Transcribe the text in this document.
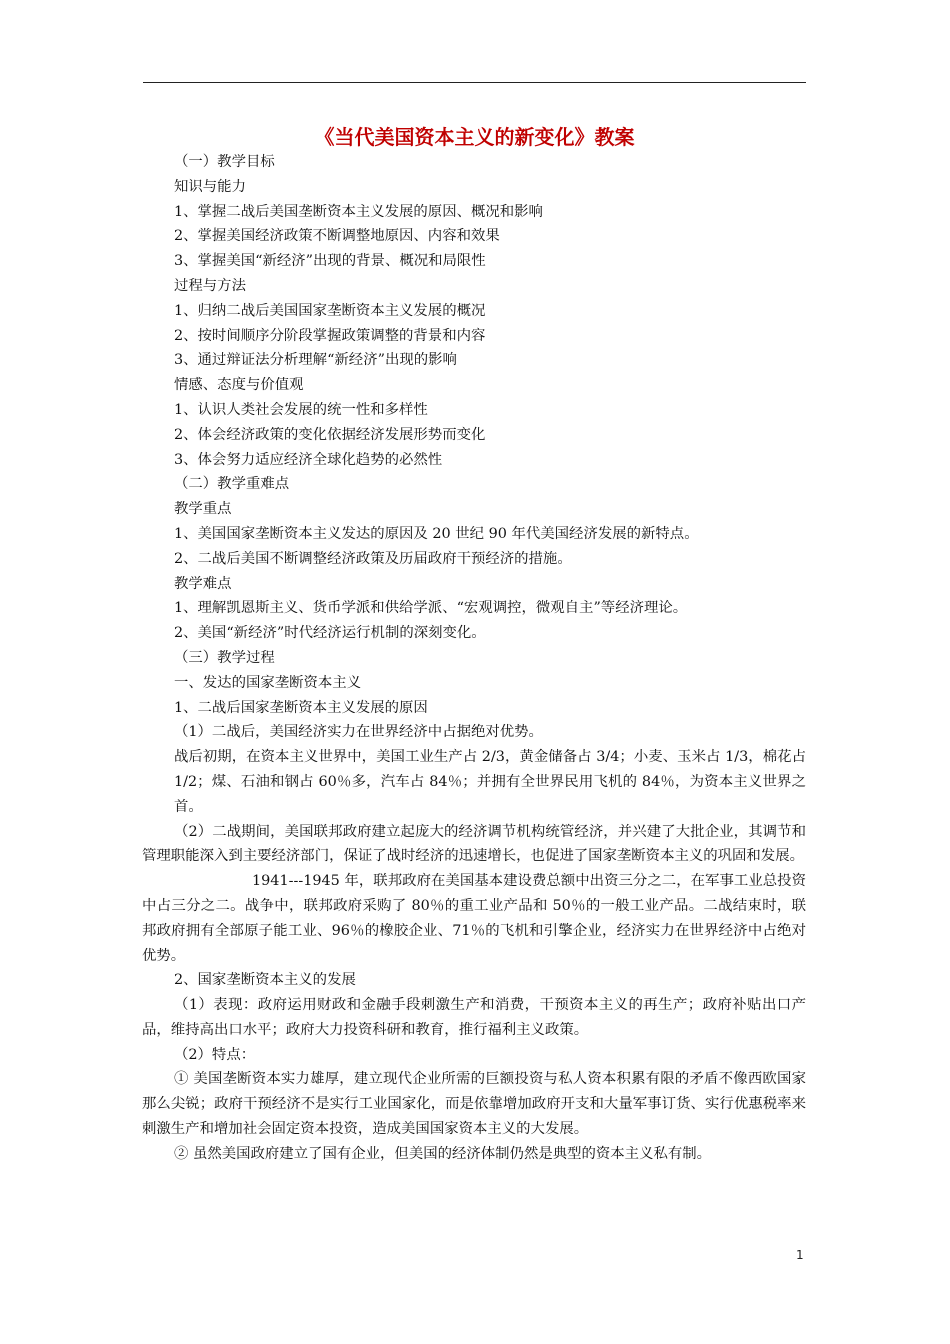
《当代美国资本主义的新变化》教案

（一）教学目标

知识与能力

1、掌握二战后美国垄断资本主义发展的原因、概况和影响

2、掌握美国经济政策不断调整地原因、内容和效果

3、掌握美国“新经济”出现的背景、概况和局限性

过程与方法

1、归纳二战后美国国家垄断资本主义发展的概况

2、按时间顺序分阶段掌握政策调整的背景和内容

3、通过辩证法分析理解“新经济”出现的影响

情感、态度与价值观

1、认识人类社会发展的统一性和多样性

2、体会经济政策的变化依据经济发展形势而变化

3、体会努力适应经济全球化趋势的必然性

（二）教学重难点

教学重点

1、美国国家垄断资本主义发达的原因及 20 世纪 90 年代美国经济发展的新特点。

2、二战后美国不断调整经济政策及历届政府干预经济的措施。

教学难点

1、理解凯恩斯主义、货币学派和供给学派、“宏观调控，微观自主”等经济理论。

2、美国“新经济”时代经济运行机制的深刻变化。

（三）教学过程

一、发达的国家垄断资本主义

1、二战后国家垄断资本主义发展的原因

（1）二战后，美国经济实力在世界经济中占据绝对优势。

战后初期，在资本主义世界中，美国工业生产占 2/3，黄金储备占 3/4；小麦、玉米占 1/3，棉花占 1/2；煤、石油和钢占 60％多，汽车占 84％；并拥有全世界民用飞机的 84％，为资本主义世界之首。

（2）二战期间，美国联邦政府建立起庞大的经济调节机构统管经济，并兴建了大批企业，其调节和管理职能深入到主要经济部门，保证了战时经济的迅速增长，也促进了国家垄断资本主义的巩固和发展。

1941---1945 年，联邦政府在美国基本建设费总额中出资三分之二，在军事工业总投资中占三分之二。战争中，联邦政府采购了 80％的重工业产品和 50％的一般工业产品。二战结束时，联邦政府拥有全部原子能工业、96％的橡胶企业、71％的飞机和引擎企业，经济实力在世界经济中占绝对优势。

2、国家垄断资本主义的发展

（1）表现：政府运用财政和金融手段刺激生产和消费，干预资本主义的再生产；政府补贴出口产品，维持高出口水平；政府大力投资科研和教育，推行福利主义政策。

（2）特点：

① 美国垄断资本实力雄厚，建立现代企业所需的巨额投资与私人资本积累有限的矛盾不像西欧国家那么尖锐；政府干预经济不是实行工业国家化，而是依靠增加政府开支和大量军事订货、实行优惠税率来刺激生产和增加社会固定资本投资，造成美国国家资本主义的大发展。

② 虽然美国政府建立了国有企业，但美国的经济体制仍然是典型的资本主义私有制。

1
